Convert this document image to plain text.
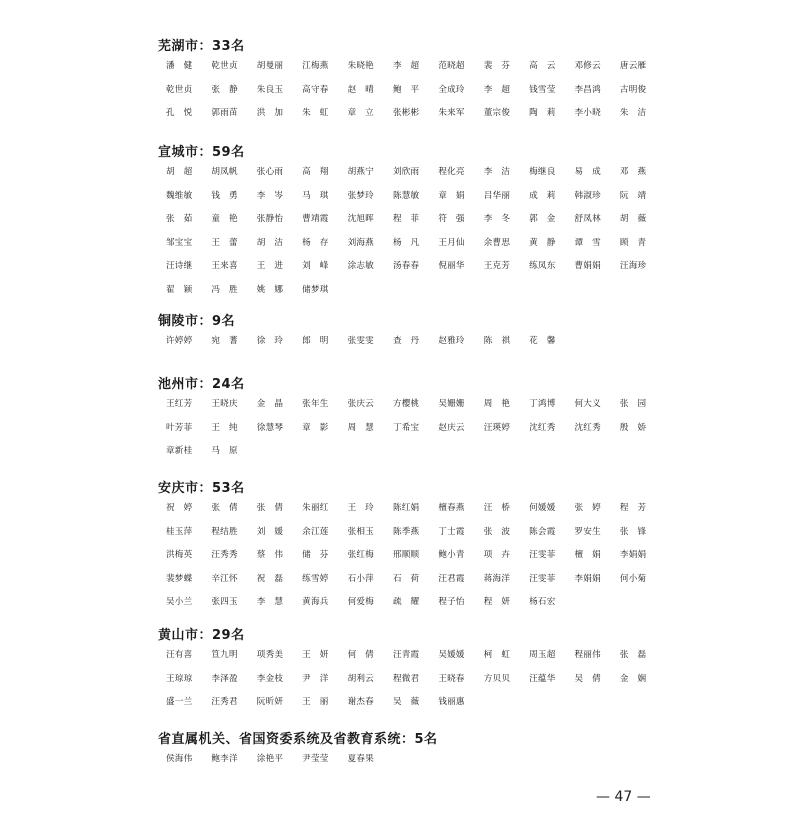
芜湖市：33名
潘　健	乾世贞	胡曼丽	江梅燕	朱晓艳	李　超	范晓超	裴　芬	高　云	邓修云	唐云雁
乾世贞	张　静	朱良玉	高守春	赵　晴	鲍　平	全成玲	李　超	钱雪莹	李昌鸿	古明俊
孔　悦	郭雨苗	洪　加	朱　虹	章　立	张彬彬	朱来军	董宗俊	陶　莉	李小晓	朱　洁
宣城市：59名
胡　超	胡凤帆	张心雨	高　翔	胡燕宁	刘欣雨	程化亮	李　洁	梅继良	易　成	邓　燕
魏维敏	钱　勇	李　岑	马　琪	张梦玲	陈慧敏	章　娟	吕华丽	成　莉	韩淑珍	阮　靖
张　茹	童　艳	张静怡	曹靖霞	沈旭晖	程　菲	符　强	李　冬	郭　金	舒凤林	胡　薇
邹宝宝	王　蕾	胡　洁	杨　存	刘海燕	杨　凡	王月仙	余曹思	黄　静	谭　雪	顾　青
汪诗继	王来喜	王　进	刘　峰	涂志敏	汤春春	倪丽华	王克芳	练凤东	曹娟娟	汪海珍
翟　颖	冯　胜	姚　娜	储梦琪
铜陵市：9名
许婷婷	宛　蓍	徐　玲	郎　明	张雯雯	查　丹	赵雅玲	陈　祺	花　馨
池州市：24名
王红芳	王晓庆	金　晶	张年生	张庆云	方樱桃	吴姗姗	周　艳	丁鸿博	何大义	张　园
叶芳菲	王　纯	徐慧琴	章　影	周　慧	丁希宝	赵庆云	汪瑛婷	沈红秀	沈红秀	殷　娇
章新桂	马　原
安庆市：53名
祝　婷	张　倩	张　倩	朱丽红	王　玲	陈红娟	檀春燕	汪　桥	何媛媛	张　婷	程　芳
桂玉萍	程结胜	刘　媛	余江莲	张相玉	陈季燕	丁士霞	张　波	陈会霞	罗安生	张　锋
洪梅英	汪秀秀	蔡　伟	储　芬	张红梅	邢顺顺	鲍小青	项　卉	汪雯菲	檀　娟	李娟娟
裴梦蝶	辛江怀	祝　磊	练雪婷	石小萍	石　荷	汪君霞	蒋海洋	汪雯菲	李娟娟	何小菊
吴小兰	张四玉	李　慧	黄海兵	何爱梅	疏　耀	程子怡	程　妍	杨石宏
黄山市：29名
汪有喜	笪九明	项秀美	王　妍	何　倩	汪青霞	吴媛媛	柯　虹	周玉超	程丽伟	张　磊
王琼琼	李泽盈	李金枝	尹　洋	胡利云	程微君	王晓春	方贝贝	汪蕴华	吴　倩	金　娴
盛一兰	汪秀君	阮昕妍	王　丽	谢杰春	吴　薇	钱丽惠
省直属机关、省国资委系统及省教育系统：5名
侯海伟	鲍李洋	涂艳平	尹莹莹	夏春果
— 47 —
